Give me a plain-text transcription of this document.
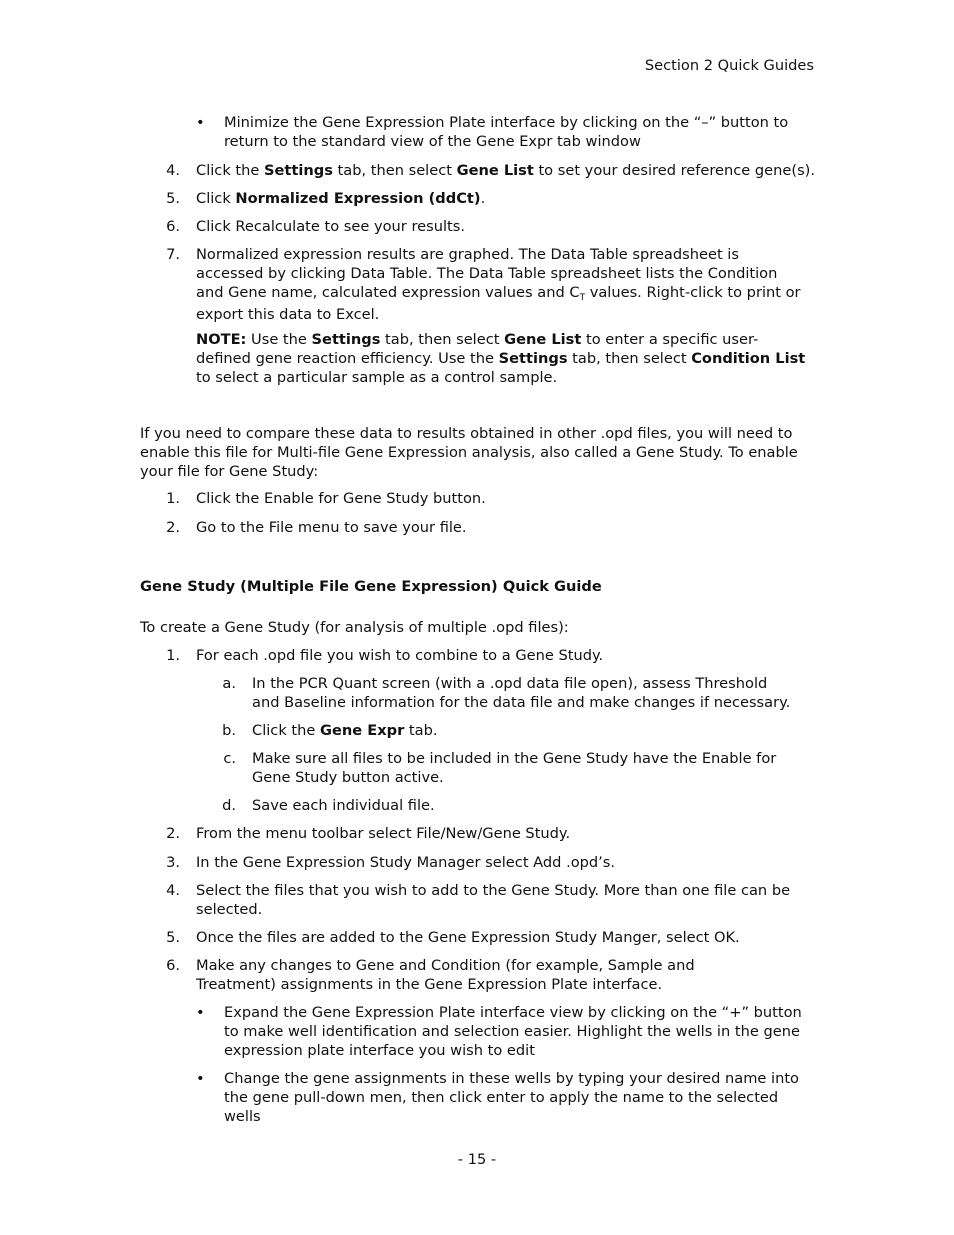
Section 2 Quick Guides
• Minimize the Gene Expression Plate interface by clicking on the “–” button to return to the standard view of the Gene Expr tab window
4. Click the Settings tab, then select Gene List to set your desired reference gene(s).
5. Click Normalized Expression (ddCt).
6. Click Recalculate to see your results.
7. Normalized expression results are graphed. The Data Table spreadsheet is accessed by clicking Data Table. The Data Table spreadsheet lists the Condition and Gene name, calculated expression values and $C_T$ values. Right-click to print or export this data to Excel.
NOTE: Use the Settings tab, then select Gene List to enter a specific user-defined gene reaction efficiency. Use the Settings tab, then select Condition List to select a particular sample as a control sample.
If you need to compare these data to results obtained in other .opd files, you will need to enable this file for Multi-file Gene Expression analysis, also called a Gene Study. To enable your file for Gene Study:
1. Click the Enable for Gene Study button.
2. Go to the File menu to save your file.
Gene Study (Multiple File Gene Expression) Quick Guide
To create a Gene Study (for analysis of multiple .opd files):
1. For each .opd file you wish to combine to a Gene Study.
a. In the PCR Quant screen (with a .opd data file open), assess Threshold and Baseline information for the data file and make changes if necessary.
b. Click the Gene Expr tab.
c. Make sure all files to be included in the Gene Study have the Enable for Gene Study button active.
d. Save each individual file.
2. From the menu toolbar select File/New/Gene Study.
3. In the Gene Expression Study Manager select Add .opd’s.
4. Select the files that you wish to add to the Gene Study. More than one file can be selected.
5. Once the files are added to the Gene Expression Study Manger, select OK.
6. Make any changes to Gene and Condition (for example, Sample and Treatment) assignments in the Gene Expression Plate interface.
• Expand the Gene Expression Plate interface view by clicking on the “+” button to make well identification and selection easier. Highlight the wells in the gene expression plate interface you wish to edit
• Change the gene assignments in these wells by typing your desired name into the gene pull-down men, then click enter to apply the name to the selected wells
- 15 -
